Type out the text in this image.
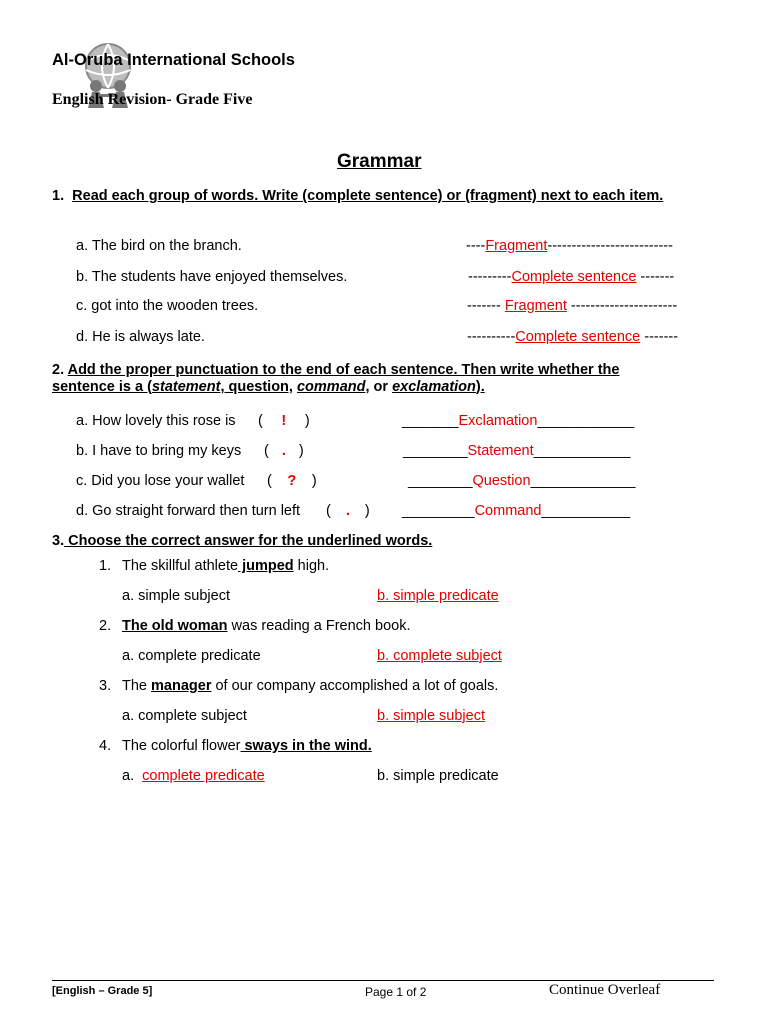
Al-Oruba International Schools
English Revision- Grade Five
Grammar
1. Read each group of words. Write (complete sentence) or (fragment) next to each item.
a. The bird on the branch.	----Fragment--------------------------
b. The students have enjoyed themselves.	---------Complete sentence -------
c. got into the wooden trees.	------- Fragment ----------------------
d. He is always late.	----------Complete sentence -------
2. Add the proper punctuation to the end of each sentence. Then write whether the
sentence is a (statement, question, command, or exclamation).
a. How lovely this rose is ( ! )	_______Exclamation____________
b. I have to bring my keys ( . )	________Statement____________
c. Did you lose your wallet ( ? )	________Question_____________
d. Go straight forward then turn left ( . ) _________Command___________
3. Choose the correct answer for the underlined words.
1. The skillful athlete jumped high.
a. simple subject	b. simple predicate
2. The old woman was reading a French book.
a. complete predicate	b. complete subject
3. The manager of our company accomplished a lot of goals.
a. complete subject	b. simple subject
4. The colorful flower sways in the wind.
a. complete predicate	b. simple predicate
[English – Grade 5]	Page 1 of 2	Continue Overleaf
